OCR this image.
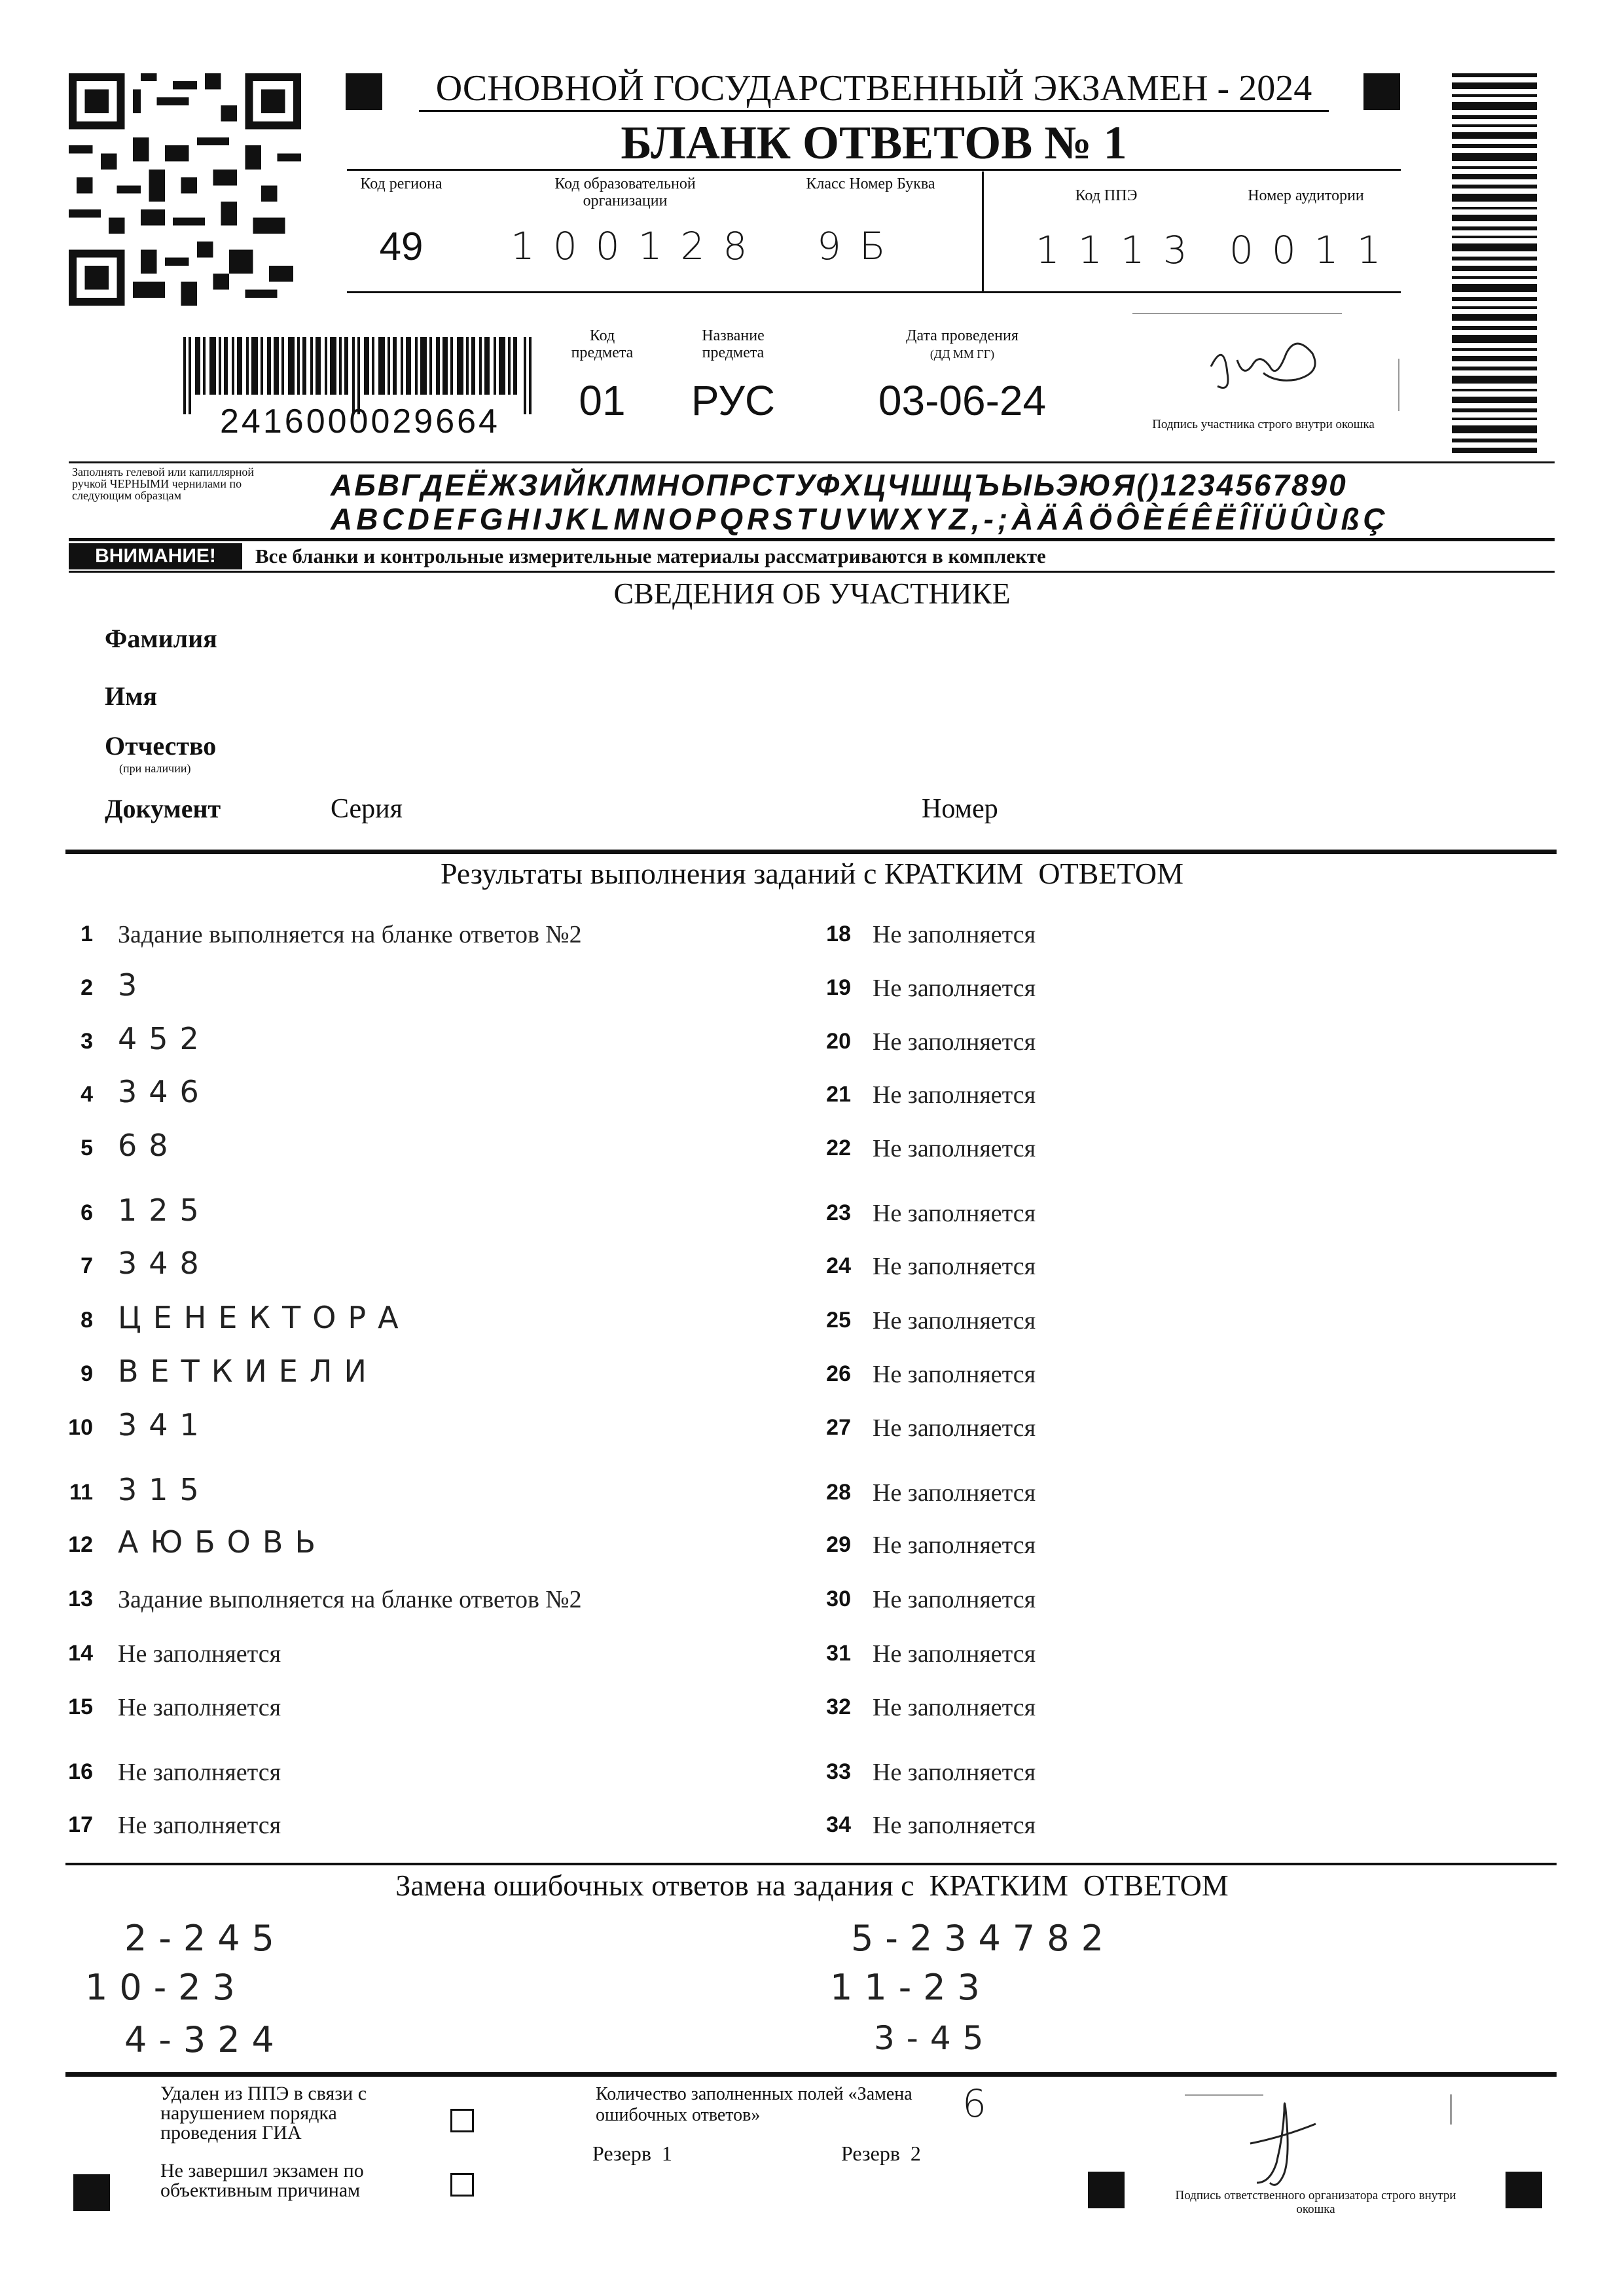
ОСНОВНОЙ ГОСУДАРСТВЕННЫЙ ЭКЗАМЕН - 2024
БЛАНК ОТВЕТОВ № 1
Код региона
49
Код образовательной организации
100128
Класс Номер Буква
9Б
Код ППЭ
1113
Номер аудитории
0011
2416000029664
Код предмета
01
Название предмета
РУС
Дата проведения
(ДД ММ ГГ)
03-06-24
Подпись участника строго внутри окошка
Заполнять гелевой или капиллярной ручкой ЧЕРНЫМИ чернилами по следующим образцам	АБВГДЕЁЖЗИЙКЛМНОПРСТУФХЦЧШЩЪЫЬЭЮЯ()1234567890
ABCDEFGHIJKLMNOPQRSTUVWXYZ,-;ÀÄÂÖÔÈÉÊËÎÏÜÛÙßÇ
ВНИМАНИЕ!	Все бланки и контрольные измерительные материалы рассматриваются в комплекте
СВЕДЕНИЯ ОБ УЧАСТНИКЕ
Фамилия
Имя
Отчество
(при наличии)
Документ	Серия	Номер
Результаты выполнения заданий с КРАТКИМ  ОТВЕТОМ
1 Задание выполняется на бланке ответов №2
2 3
3 452
4 346
5 68
6 125
7 348
8 ЦЕНЕКТОРА
9 ВЕТКИЕЛИ
10 341
11 315
12 АЮБОВЬ
13 Задание выполняется на бланке ответов №2
14 Не заполняется
15 Не заполняется
16 Не заполняется
17 Не заполняется
18 Не заполняется
19 Не заполняется
20 Не заполняется
21 Не заполняется
22 Не заполняется
23 Не заполняется
24 Не заполняется
25 Не заполняется
26 Не заполняется
27 Не заполняется
28 Не заполняется
29 Не заполняется
30 Не заполняется
31 Не заполняется
32 Не заполняется
33 Не заполняется
34 Не заполняется
Замена ошибочных ответов на задания с  КРАТКИМ  ОТВЕТОМ
2-245
10-23
4-324
5-234782
11-23
3-45
Удален из ППЭ в связи с нарушением порядка проведения ГИА
Не завершил экзамен по объективным причинам
Количество заполненных полей «Замена ошибочных ответов»	6
Резерв  1	Резерв  2
Подпись ответственного организатора строго внутри окошка
